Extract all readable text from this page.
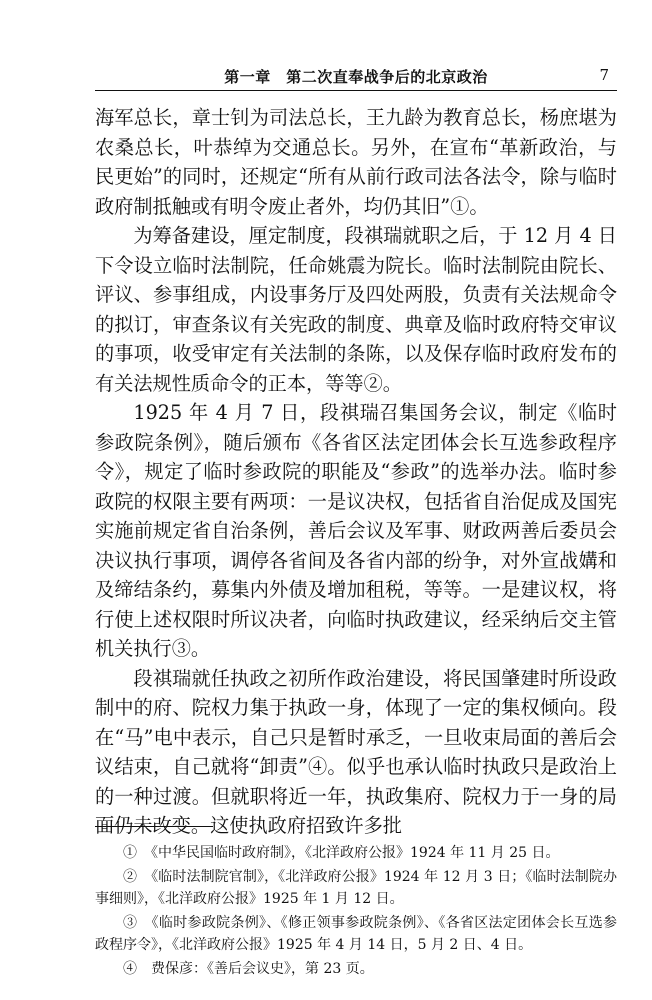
第一章　第二次直奉战争后的北京政治	7

海军总长，章士钊为司法总长，王九龄为教育总长，杨庶堪为农桑总长，叶恭绰为交通总长。另外，在宣布“革新政治，与民更始”的同时，还规定“所有从前行政司法各法令，除与临时政府制抵触或有明令废止者外，均仍其旧”①。

为筹备建设，厘定制度，段祺瑞就职之后，于 12 月 4 日下令设立临时法制院，任命姚震为院长。临时法制院由院长、评议、参事组成，内设事务厅及四处两股，负责有关法规命令的拟订，审查条议有关宪政的制度、典章及临时政府特交审议的事项，收受审定有关法制的条陈，以及保存临时政府发布的有关法规性质命令的正本，等等②。

1925 年 4 月 7 日，段祺瑞召集国务会议，制定《临时参政院条例》，随后颁布《各省区法定团体会长互选参政程序令》，规定了临时参政院的职能及“参政”的选举办法。临时参政院的权限主要有两项：一是议决权，包括省自治促成及国宪实施前规定省自治条例，善后会议及军事、财政两善后委员会决议执行事项，调停各省间及各省内部的纷争，对外宣战媾和及缔结条约，募集内外债及增加租税，等等。一是建议权，将行使上述权限时所议决者，向临时执政建议，经采纳后交主管机关执行③。

段祺瑞就任执政之初所作政治建设，将民国肇建时所设政制中的府、院权力集于执政一身，体现了一定的集权倾向。段在“马”电中表示，自己只是暂时承乏，一旦收束局面的善后会议结束，自己就将“卸责”④。似乎也承认临时执政只是政治上的一种过渡。但就职将近一年，执政集府、院权力于一身的局面仍未改变。这使执政府招致许多批

①　《中华民国临时政府制》，《北洋政府公报》1924 年 11 月 25 日。

②　《临时法制院官制》，《北洋政府公报》1924 年 12 月 3 日；《临时法制院办事细则》，《北洋政府公报》1925 年 1 月 12 日。

③　《临时参政院条例》、《修正领事参政院条例》、《各省区法定团体会长互选参政程序令》，《北洋政府公报》1925 年 4 月 14 日，5 月 2 日、4 日。

④　费保彦：《善后会议史》，第 23 页。
